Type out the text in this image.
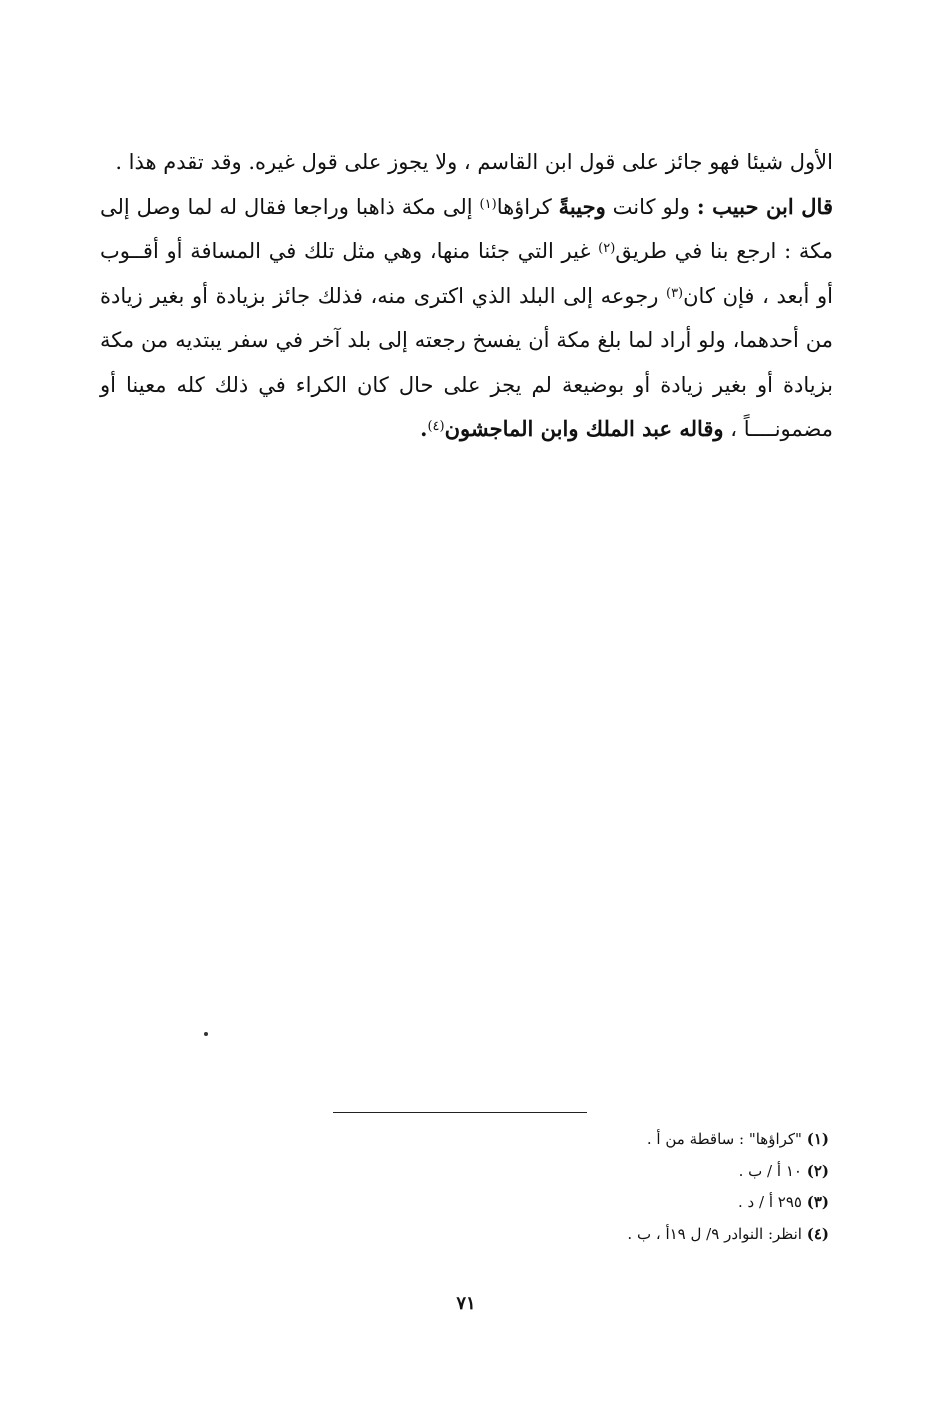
الأول شيئا فهو جائز على قول ابن القاسم ، ولا يجوز على قول غيره. وقد تقدم هذا .

قال ابن حبيب : ولو كانت وجيبةً كراؤها$^{(١)}$ إلى مكة ذاهبا وراجعا فقال له لما وصل إلى مكة : ارجع بنا في طريق$^{(٢)}$ غير التي جئنا منها، وهي مثل تلك في المسافة أو أقــوب أو أبعد ، فإن كان$^{(٣)}$ رجوعه إلى البلد الذي اكترى منه، فذلك جائز بزيادة أو بغير زيادة من أحدهما، ولو أراد لما بلغ مكة أن يفسخ رجعته إلى بلد آخر في سفر يبتديه من مكة بزيادة أو بغير زيادة أو بوضيعة لم يجز على حال كان الكراء في ذلك كله معينا أو مضمونــــاً ، وقاله عبد الملك وابن الماجشون$^{(٤)}$.

(١) "كراؤها" : ساقطة من أ .
(٢) ١٠ أ / ب .
(٣) ٢٩٥ أ / د .
(٤) انظر: النوادر ٩/ ل ١٩أ ، ب .
٧١
